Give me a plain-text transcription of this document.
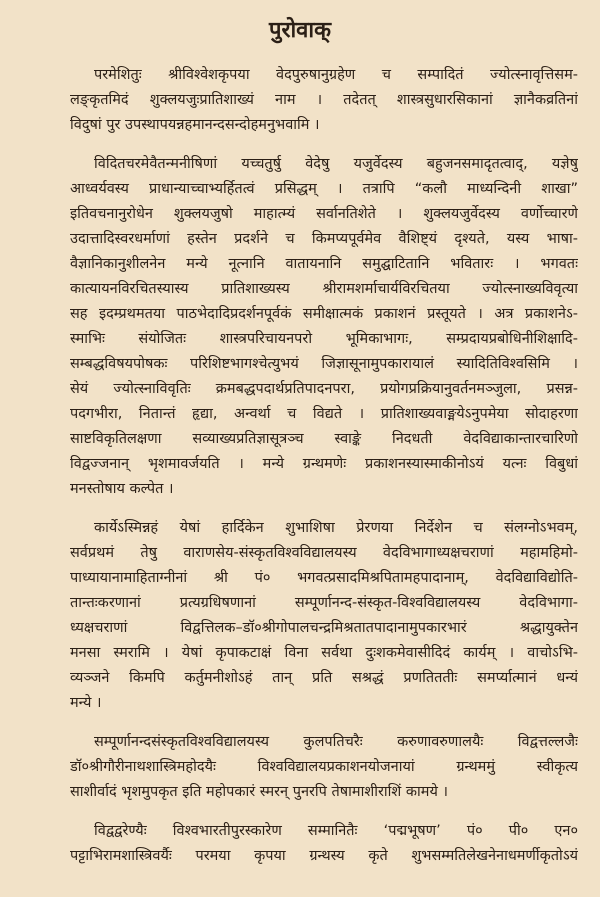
पुरोवाक्
परमेशितुः श्रीविश्वेशकृपया वेदपुरुषानुग्रहेण च सम्पादितं ज्योत्स्नावृत्तिसम-
लङ्कृतमिदं शुक्लयजुःप्रातिशाख्यं नाम । तदेतत् शास्त्रसुधारसिकानां ज्ञानैकव्रतिनां
विदुषां पुर उपस्थापयन्नहमानन्दसन्दोहमनुभवामि ।
विदितचरमेवैतन्मनीषिणां यच्चतुर्षु वेदेषु यजुर्वेदस्य बहुजनसमादृतत्वाद्, यज्ञेषु
आध्वर्यवस्य प्राधान्याच्चाभ्यर्हितत्वं प्रसिद्धम् । तत्रापि “कलौ माध्यन्दिनी शाखा”
इतिवचनानुरोधेन शुक्लयजुषो माहात्म्यं सर्वानतिशेते । शुक्लयजुर्वेदस्य वर्णोच्चारणे
उदात्तादिस्वरधर्माणां हस्तेन प्रदर्शने च किमप्यपूर्वमेव वैशिष्ट्यं दृश्यते, यस्य भाषा-
वैज्ञानिकानुशीलनेन मन्ये नूत्नानि वातायनानि समुद्घाटितानि भवितारः । भगवतः
कात्यायनविरचितस्यास्य प्रातिशाख्यस्य श्रीरामशर्माचार्यविरचितया ज्योत्स्नाख्यविवृत्या
सह इदम्प्रथमतया पाठभेदादिप्रदर्शनपूर्वकं समीक्षात्मकं प्रकाशनं प्रस्तूयते । अत्र प्रकाशनेऽ-
स्माभिः संयोजितः शास्त्रपरिचायनपरो भूमिकाभागः, सम्प्रदायप्रबोधिनीशिक्षादि-
सम्बद्धविषयपोषकः परिशिष्टभागश्चेत्युभयं जिज्ञासूनामुपकारायालं स्यादितिविश्वसिमि ।
सेयं ज्योत्स्नाविवृतिः क्रमबद्धपदार्थप्रतिपादनपरा, प्रयोगप्रक्रियानुवर्तनमञ्जुला, प्रसन्न-
पदगभीरा, नितान्तं हृद्या, अन्वर्था च विद्यते । प्रातिशाख्यवाङ्मयेऽनुपमेया सोदाहरणा
साष्टविकृतिलक्षणा सव्याख्यप्रतिज्ञासूत्रञ्च स्वाङ्के निदधती वेदविद्याकान्तारचारिणो
विद्वज्जनान् भृशमावर्जयति । मन्ये ग्रन्थमणेः प्रकाशनस्यास्माकीनोऽयं यत्नः विबुधां
मनस्तोषाय कल्पेत ।
कार्येऽस्मिन्नहं येषां हार्दिकेन शुभाशिषा प्रेरणया निर्देशेन च संलग्नोऽभवम्,
सर्वप्रथमं तेषु वाराणसेय-संस्कृतविश्वविद्यालयस्य वेदविभागाध्यक्षचराणां महामहिमो-
पाध्यायानामाहिताग्नीनां श्री पं० भगवत्प्रसादमिश्रपितामहपादानाम्, वेदविद्याविद्योति-
तान्तःकरणानां प्रत्यग्रधिषणानां सम्पूर्णानन्द-संस्कृत-विश्वविद्यालयस्य वेदविभागा-
ध्यक्षचराणां विद्वत्तिलक–डॉ०श्रीगोपालचन्द्रमिश्रतातपादानामुपकारभारं श्रद्धायुक्तेन
मनसा स्मरामि । येषां कृपाकटाक्षं विना सर्वथा दुःशकमेवासीदिदं कार्यम् । वाचोऽभि-
व्यञ्जने किमपि कर्तुमनीशोऽहं तान् प्रति सश्रद्धं प्रणतिततीः समर्प्यात्मानं धन्यं
मन्ये ।
सम्पूर्णानन्दसंस्कृतविश्वविद्यालयस्य कुलपतिचरैः करुणावरुणालयैः विद्वत्तल्लजैः
डॉ०श्रीगौरीनाथशास्त्रिमहोदयैः विश्वविद्यालयप्रकाशनयोजनायां ग्रन्थममुं स्वीकृत्य
साशीर्वादं भृशमुपकृत इति महोपकारं स्मरन् पुनरपि तेषामाशीराशिं कामये ।
विद्वद्वरेण्यैः विश्वभारतीपुरस्कारेण सम्मानितैः ‘पद्मभूषण’ पं० पी० एन०
पट्टाभिरामशास्त्रिवर्यैः परमया कृपया ग्रन्थस्य कृते शुभसम्मतिलेखनेनाधमर्णीकृतोऽयं
